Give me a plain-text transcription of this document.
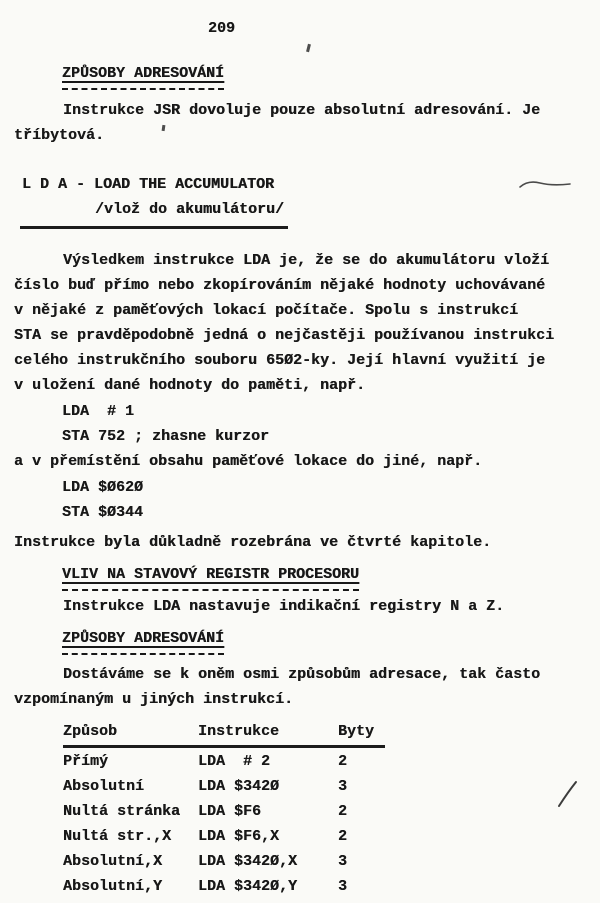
209
ZPŮSOBY ADRESOVÁNÍ
Instrukce JSR dovoluje pouze absolutní adresování. Je
tříbytová.
L D A - LOAD THE ACCUMULATOR
/vlož do akumulátoru/
Výsledkem instrukce LDA je, že se do akumulátoru vloží
číslo buď přímo nebo zkopírováním nějaké hodnoty uchovávané
v nějaké z paměťových lokací počítače. Spolu s instrukcí
STA se pravděpodobně jedná o nejčastěji používanou instrukci
celého instrukčního souboru 65Ø2-ky. Její hlavní využití je
v uložení dané hodnoty do paměti, např.
LDA  # 1
STA 752 ; zhasne kurzor
a v přemístění obsahu paměťové lokace do jiné, např.
LDA $Ø62Ø
STA $Ø344
Instrukce byla důkladně rozebrána ve čtvrté kapitole.
VLIV NA STAVOVÝ REGISTR PROCESORU
Instrukce LDA nastavuje indikační registry N a Z.
ZPŮSOBY ADRESOVÁNÍ
Dostáváme se k oněm osmi způsobům adresace, tak často
vzpomínaným u jiných instrukcí.
Způsob	Instrukce	Byty
Přímý	LDA  # 2	2
Absolutní	LDA $342Ø	3
Nultá stránka	LDA $F6	2
Nultá str.,X	LDA $F6,X	2
Absolutní,X	LDA $342Ø,X	3
Absolutní,Y	LDA $342Ø,Y	3
